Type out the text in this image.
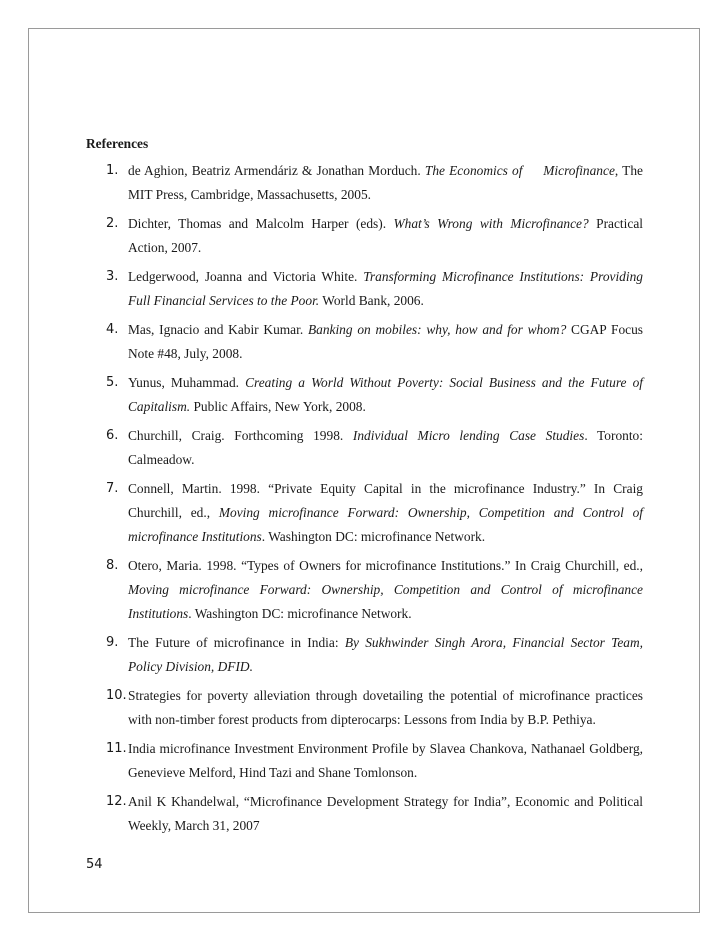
References
1. de Aghion, Beatriz Armendáriz & Jonathan Morduch. The Economics of     Microfinance, The MIT Press, Cambridge, Massachusetts, 2005.
2. Dichter, Thomas and Malcolm Harper (eds). What’s Wrong with Microfinance? Practical Action, 2007.
3. Ledgerwood, Joanna and Victoria White. Transforming Microfinance Institutions: Providing Full Financial Services to the Poor. World Bank, 2006.
4. Mas, Ignacio and Kabir Kumar. Banking on mobiles: why, how and for whom? CGAP Focus Note #48, July, 2008.
5. Yunus, Muhammad. Creating a World Without Poverty: Social Business and the Future of Capitalism. Public Affairs, New York, 2008.
6. Churchill, Craig. Forthcoming 1998. Individual Micro lending Case Studies. Toronto: Calmeadow.
7. Connell, Martin. 1998. “Private Equity Capital in the microfinance Industry.” In Craig Churchill, ed., Moving microfinance Forward: Ownership, Competition and Control of microfinance Institutions. Washington DC: microfinance Network.
8. Otero, Maria. 1998. “Types of Owners for microfinance Institutions.” In Craig Churchill, ed., Moving microfinance Forward: Ownership, Competition and Control of microfinance Institutions. Washington DC: microfinance Network.
9. The Future of microfinance in India: By Sukhwinder Singh Arora, Financial Sector Team, Policy Division, DFID.
10. Strategies for poverty alleviation through dovetailing the potential of microfinance practices with non-timber forest products from dipterocarps: Lessons from India by B.P. Pethiya.
11. India microfinance Investment Environment Profile by Slavea Chankova, Nathanael Goldberg, Genevieve Melford, Hind Tazi and Shane Tomlonson.
12. Anil K Khandelwal, “Microfinance Development Strategy for India”, Economic and Political Weekly, March 31, 2007
54
